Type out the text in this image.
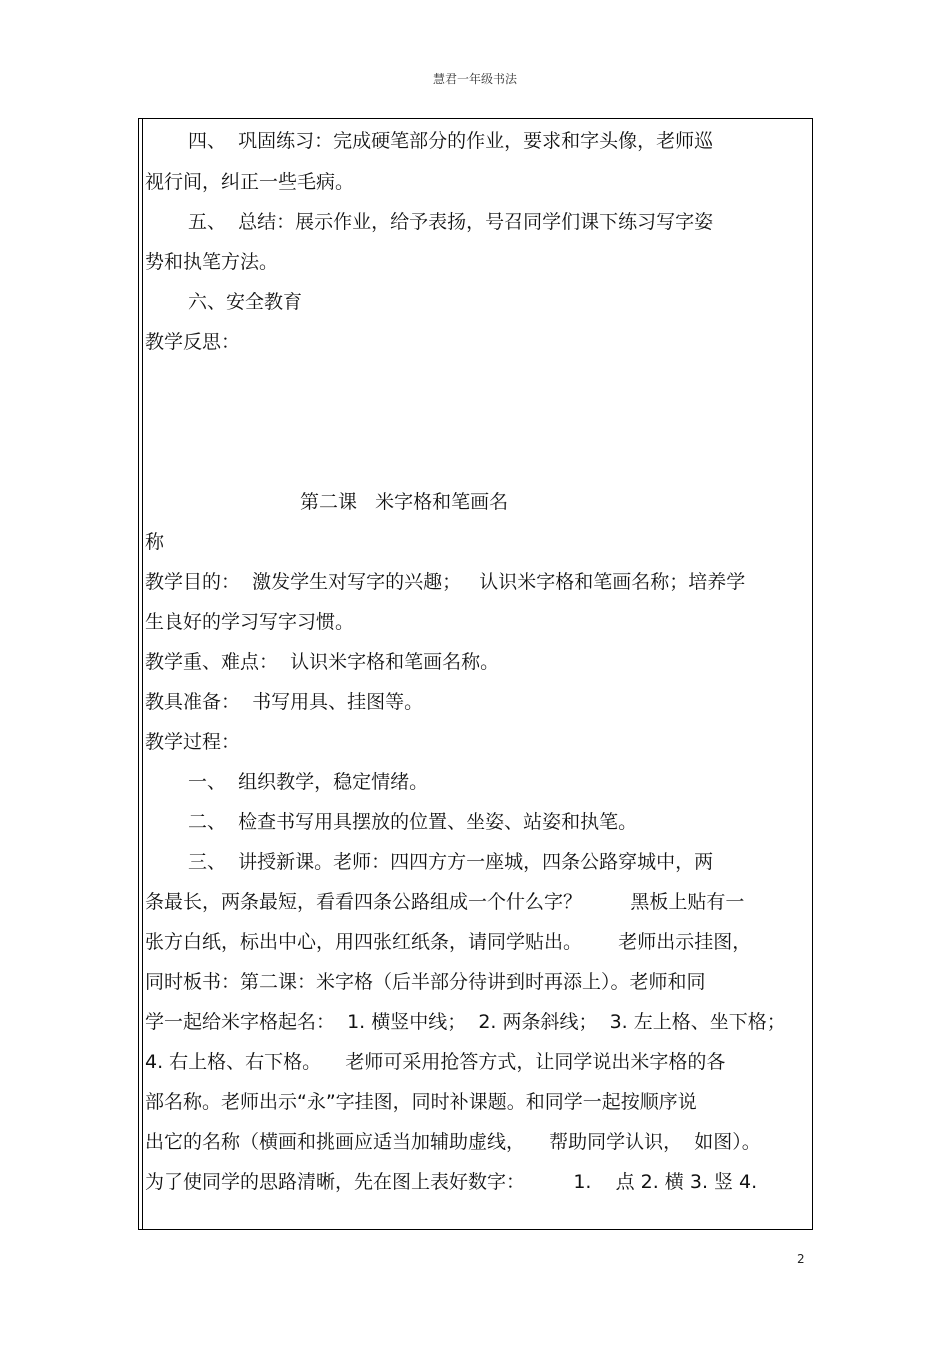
慧君一年级书法
四、  巩固练习：完成硬笔部分的作业，要求和字头像，老师巡
视行间，纠正一些毛病。
五、  总结：展示作业，给予表扬，号召同学们课下练习写字姿
势和执笔方法。
六、安全教育
教学反思：
第二课   米字格和笔画名
称
教学目的：  激发学生对写字的兴趣；   认识米字格和笔画名称；培养学
生良好的学习写字习惯。
教学重、难点：  认识米字格和笔画名称。
教具准备：  书写用具、挂图等。
教学过程：
一、  组织教学，稳定情绪。
二、  检查书写用具摆放的位置、坐姿、站姿和执笔。
三、  讲授新课。老师：四四方方一座城，四条公路穿城中，两
条最长，两条最短，看看四条公路组成一个什么字？        黑板上贴有一
张方白纸，标出中心，用四张红纸条，请同学贴出。      老师出示挂图，
同时板书：第二课：米字格（后半部分待讲到时再添上）。老师和同
学一起给米字格起名：  1. 横竖中线；  2. 两条斜线；  3. 左上格、坐下格；
4. 右上格、右下格。    老师可采用抢答方式，让同学说出米字格的各
部名称。老师出示“永”字挂图，同时补课题。和同学一起按顺序说
出它的名称（横画和挑画应适当加辅助虚线，    帮助同学认识，  如图）。
为了使同学的思路清晰，先在图上表好数字：        1.    点 2. 横 3. 竖 4.
2
